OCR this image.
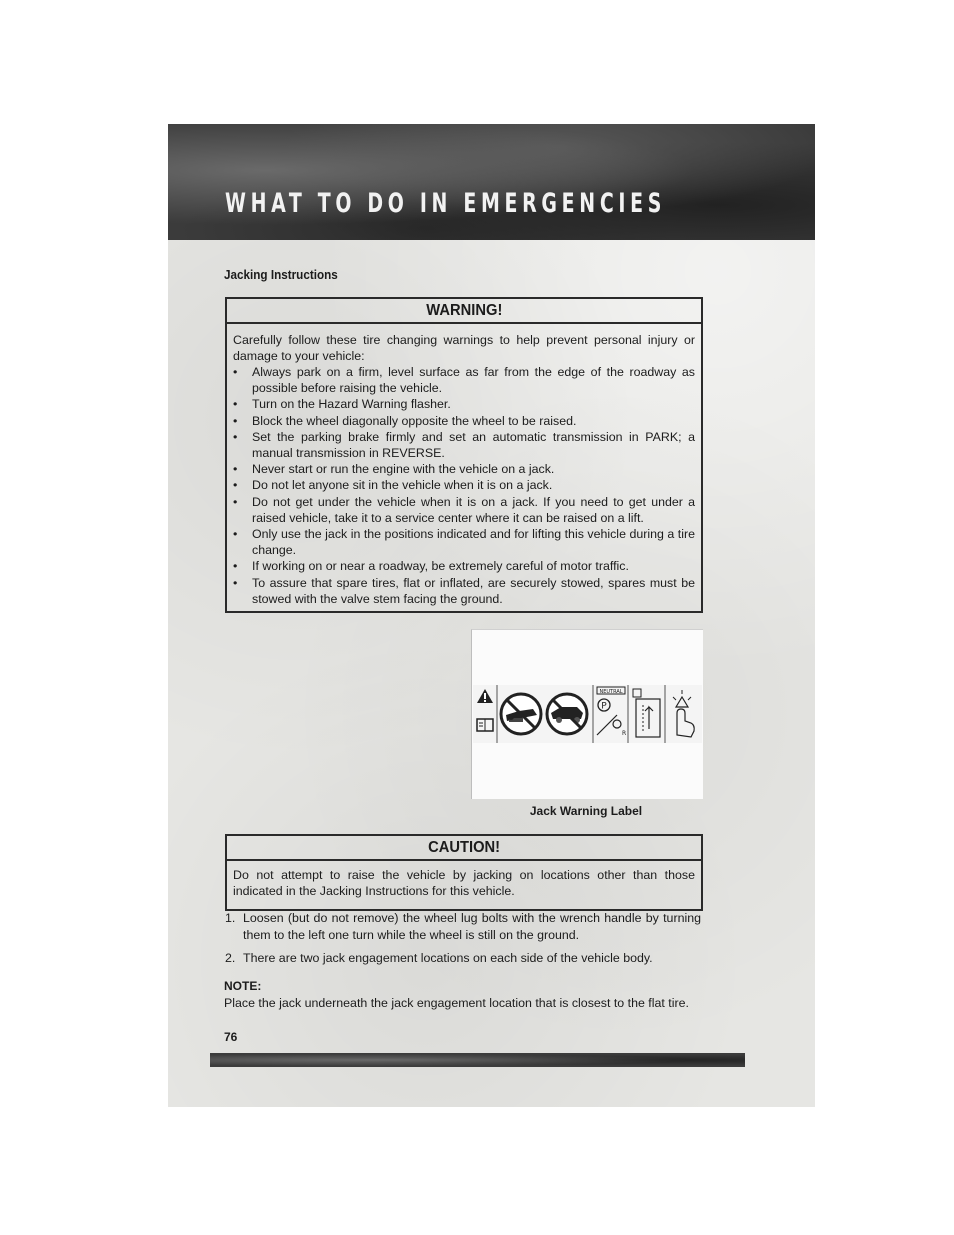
WHAT TO DO IN EMERGENCIES
Jacking Instructions
WARNING!

Carefully follow these tire changing warnings to help prevent personal injury or damage to your vehicle:

• Always park on a firm, level surface as far from the edge of the roadway as possible before raising the vehicle.
• Turn on the Hazard Warning flasher.
• Block the wheel diagonally opposite the wheel to be raised.
• Set the parking brake firmly and set an automatic transmission in PARK; a manual transmission in REVERSE.
• Never start or run the engine with the vehicle on a jack.
• Do not let anyone sit in the vehicle when it is on a jack.
• Do not get under the vehicle when it is on a jack. If you need to get under a raised vehicle, take it to a service center where it can be raised on a lift.
• Only use the jack in the positions indicated and for lifting this vehicle during a tire change.
• If working on or near a roadway, be extremely careful of motor traffic.
• To assure that spare tires, flat or inflated, are securely stowed, spares must be stowed with the valve stem facing the ground.
NEUTRAL
P
R
Jack Warning Label
CAUTION!

Do not attempt to raise the vehicle by jacking on locations other than those indicated in the Jacking Instructions for this vehicle.

1. Loosen (but do not remove) the wheel lug bolts with the wrench handle by turning them to the left one turn while the wheel is still on the ground.
2. There are two jack engagement locations on each side of the vehicle body.
NOTE:
Place the jack underneath the jack engagement location that is closest to the flat tire.
76
